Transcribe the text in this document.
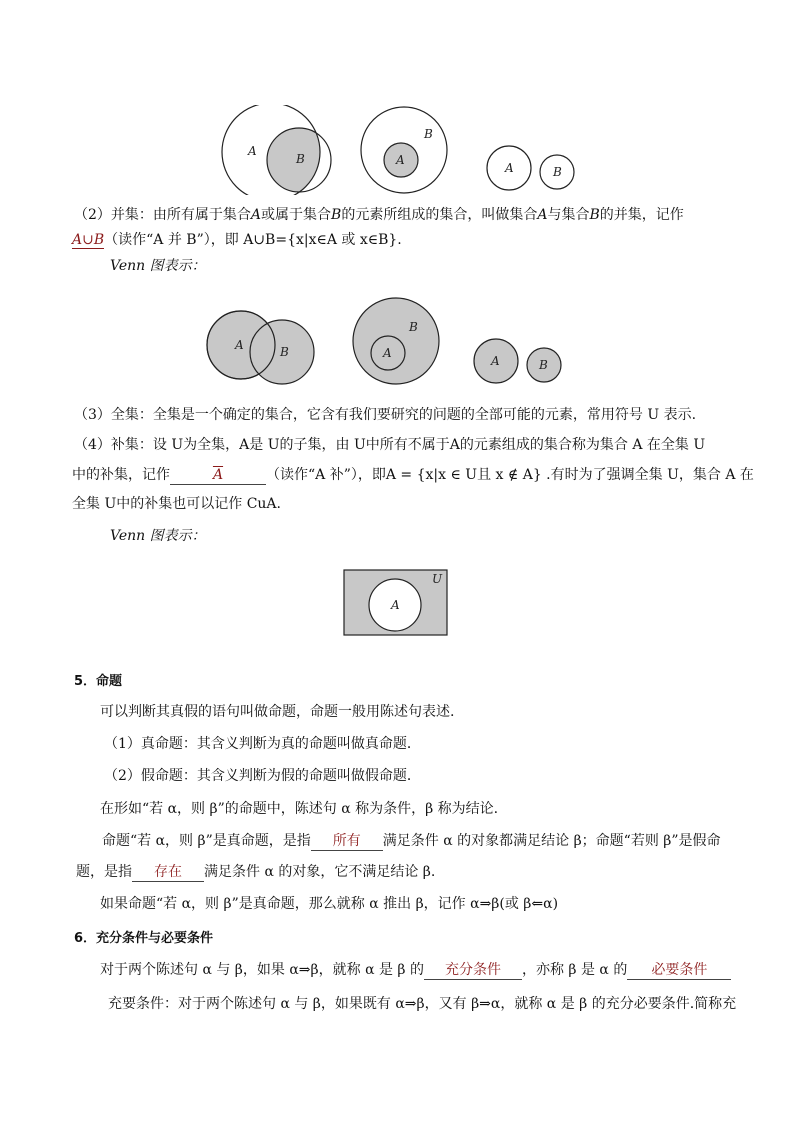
A
B	A
B
A	B
（2）并集：由所有属于集合A或属于集合B的元素所组成的集合，叫做集合A与集合B的并集，记作
A∪B（读作“A 并 B”），即 A∪B={x|x∈A 或 x∈B}.
Venn 图表示：
A	B	A
B
A	B
（3）全集：全集是一个确定的集合，它含有我们要研究的问题的全部可能的元素，常用符号 U 表示.
（4）补集：设 U为全集，A是 U的子集，由 U中所有不属于A的元素组成的集合称为集合 A 在全集 U
中的补集，记作	$\overline{A}$	（读作“A 补”），即A = {x|x ∈ U且 x ∉ A} .有时为了强调全集 U，集合 A 在
全集 U中的补集也可以记作 CuA.
Venn 图表示：
A
U
5．命题
可以判断其真假的语句叫做命题，命题一般用陈述句表述.
（1）真命题：其含义判断为真的命题叫做真命题．
（2）假命题：其含义判断为假的命题叫做假命题．
在形如“若 α，则 β”的命题中，陈述句 α 称为条件，β 称为结论.
命题“若 α，则 β”是真命题，是指 所有 满足条件 α 的对象都满足结论 β；命题“若则 β”是假命
题，是指 存在 满足条件 α 的对象，它不满足结论 β.
如果命题“若 α，则 β”是真命题，那么就称 α 推出 β，记作 α⇒β(或 β⇐α)
6．充分条件与必要条件
对于两个陈述句 α 与 β，如果 α⇒β，就称 α 是 β 的 充分条件 ，亦称 β 是 α 的 必要条件
充要条件：对于两个陈述句 α 与 β，如果既有 α⇒β，又有 β⇒α，就称 α 是 β 的充分必要条件.简称充
